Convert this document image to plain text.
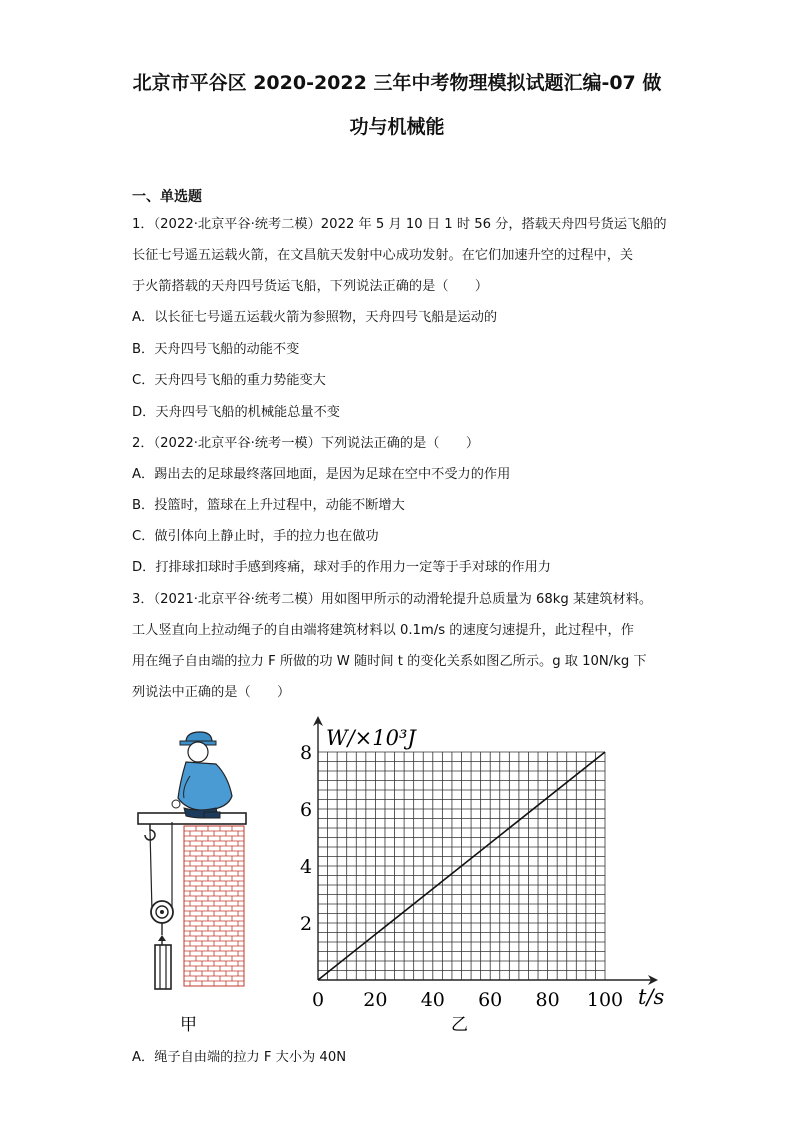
北京市平谷区 2020-2022 三年中考物理模拟试题汇编-07 做
功与机械能
一、单选题
1．（2022·北京平谷·统考二模）2022 年 5 月 10 日 1 时 56 分，搭载天舟四号货运飞船的
长征七号遥五运载火箭，在文昌航天发射中心成功发射。在它们加速升空的过程中，关
于火箭搭载的天舟四号货运飞船，下列说法正确的是（　　）
A．以长征七号遥五运载火箭为参照物，天舟四号飞船是运动的
B．天舟四号飞船的动能不变
C．天舟四号飞船的重力势能变大
D．天舟四号飞船的机械能总量不变
2．（2022·北京平谷·统考一模）下列说法正确的是（　　）
A．踢出去的足球最终落回地面，是因为足球在空中不受力的作用
B．投篮时，篮球在上升过程中，动能不断增大
C．做引体向上静止时，手的拉力也在做功
D．打排球扣球时手感到疼痛，球对手的作用力一定等于手对球的作用力
3．（2021·北京平谷·统考二模）用如图甲所示的动滑轮提升总质量为 68kg 某建筑材料。
工人竖直向上拉动绳子的自由端将建筑材料以 0.1m/s 的速度匀速提升，此过程中，作
用在绳子自由端的拉力 F 所做的功 W 随时间 t 的变化关系如图乙所示。g 取 10N/kg 下
列说法中正确的是（　　）
A．绳子自由端的拉力 F 大小为 40N
0 20 40 60 80 100
2
4
6
8
W/×10³J
t/s
甲	乙
